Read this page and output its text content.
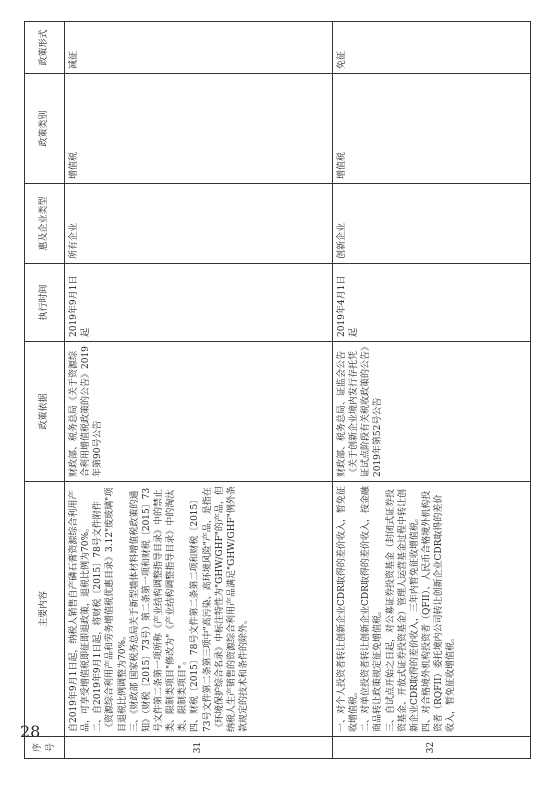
28
序号	主要内容	政策依据	执行时间	惠及企业类型	政策类别	政策形式
31	自2019年9月1日起，纳税人销售自产磷石膏资源综合利用产品，可享受增值税即征即退政策，退税比例为70%。 二、自2019年9月1日起，将财税〔2015〕78号文件附件《资源综合利用产品和劳务增值税优惠目录》3.12"废玻璃"项目退税比例调整为70%。 三、《财政部 国家税务总局关于新型墙体材料增值税政策的通知》（财税〔2015〕73号）第二条第一项和财税〔2015〕73号文件第二条第一项所称《产业结构调整指导目录》中的禁止类、限制类项目"修改为"《产业结构调整指导目录》中的淘汰类、限制类项目"。 四、财税〔2015〕78号文件第二条第二项和财税〔2015〕73号文件第二条第三项中"高污染、高环境风险"产品，是指在《环境保护综合名录》中标注特性为"GHW/GHF"的产品，但纳税人生产销售的资源综合利用产品满足"GHW/GHF"例外条款规定的技术和条件的除外。	财政部、税务总局《关于资源综合利用增值税政策的公告》2019年第90号公告	2019年9月1日起	所有企业	增值税	减征
32	一、对个人投资者转让创新企业CDR取得的差价收入，暂免征收增值税。 二、对单位投资者转让创新企业CDR取得的差价收入，按金融商品转让政策规定征免增值税。 三、自试点开始之日起，对公募证券投资基金（封闭式证券投资基金、开放式证券投资基金）管理人运营基金过程中转让创新企业CDR取得的差价收入，三年内暂免征收增值税。 四、对合格境外机构投资者（QFII）、人民币合格境外机构投资者（RQFII）委托境内公司转让创新企业CDR取得的差价收入，暂免征收增值税。	财政部、税务总局、证监会公告《关于创新企业境内发行存托凭证试点阶段有关税收政策的公告》2019年第52号公告	2019年4月1日起	创新企业	增值税	免征
